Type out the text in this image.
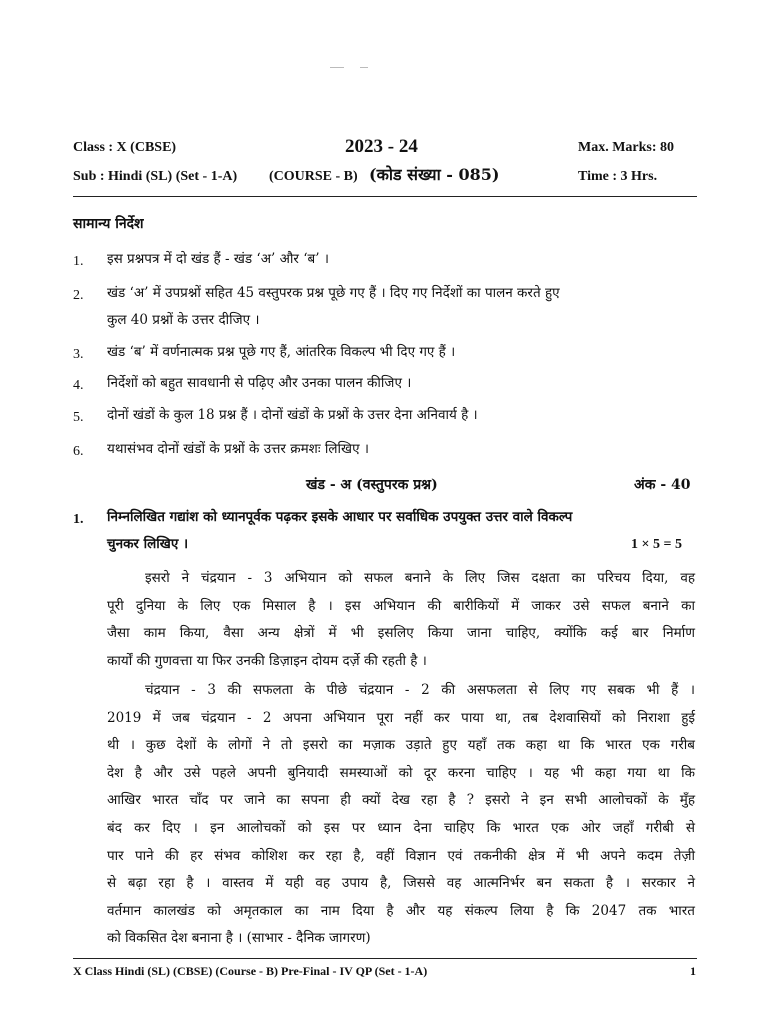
Class : X (CBSE)	2023 - 24	Max. Marks: 80
Sub : Hindi (SL) (Set - 1-A) (COURSE - B) (कोड संख्या - 085)	Time : 3 Hrs.
सामान्य निर्देश
1.	इस प्रश्नपत्र में दो खंड हैं - खंड ‘अ’ और ‘ब’ ।
2.	खंड ‘अ’ में उपप्रश्नों सहित 45 वस्तुपरक प्रश्न पूछे गए हैं । दिए गए निर्देशों का पालन करते हुए
कुल 40 प्रश्नों के उत्तर दीजिए ।
3.	खंड ‘ब’ में वर्णनात्मक प्रश्न पूछे गए हैं, आंतरिक विकल्प भी दिए गए हैं ।
4.	निर्देशों को बहुत सावधानी से पढ़िए और उनका पालन कीजिए ।
5.	दोनों खंडों के कुल 18 प्रश्न हैं । दोनों खंडों के प्रश्नों के उत्तर देना अनिवार्य है ।
6.	यथासंभव दोनों खंडों के प्रश्नों के उत्तर क्रमशः लिखिए ।
खंड - अ (वस्तुपरक प्रश्न)	अंक - 40
1.	निम्नलिखित गद्यांश को ध्यानपूर्वक पढ़कर इसके आधार पर सर्वाधिक उपयुक्त उत्तर वाले विकल्प
चुनकर लिखिए ।	1 × 5 = 5
इसरो ने चंद्रयान - 3 अभियान को सफल बनाने के लिए जिस दक्षता का परिचय दिया, वह
पूरी दुनिया के लिए एक मिसाल है । इस अभियान की बारीकियों में जाकर उसे सफल बनाने का
जैसा काम किया, वैसा अन्य क्षेत्रों में भी इसलिए किया जाना चाहिए, क्योंकि कई बार निर्माण
कार्यों की गुणवत्ता या फिर उनकी डिज़ाइन दोयम दर्ज़े की रहती है ।
चंद्रयान - 3 की सफलता के पीछे चंद्रयान - 2 की असफलता से लिए गए सबक भी हैं ।
2019 में जब चंद्रयान - 2 अपना अभियान पूरा नहीं कर पाया था, तब देशवासियों को निराशा हुई
थी । कुछ देशों के लोगों ने तो इसरो का मज़ाक उड़ाते हुए यहाँ तक कहा था कि भारत एक गरीब
देश है और उसे पहले अपनी बुनियादी समस्याओं को दूर करना चाहिए । यह भी कहा गया था कि
आखिर भारत चाँद पर जाने का सपना ही क्यों देख रहा है ? इसरो ने इन सभी आलोचकों के मुँह
बंद कर दिए । इन आलोचकों को इस पर ध्यान देना चाहिए कि भारत एक ओर जहाँ गरीबी से
पार पाने की हर संभव कोशिश कर रहा है, वहीं विज्ञान एवं तकनीकी क्षेत्र में भी अपने कदम तेज़ी
से बढ़ा रहा है । वास्तव में यही वह उपाय है, जिससे वह आत्मनिर्भर बन सकता है । सरकार ने
वर्तमान कालखंड को अमृतकाल का नाम दिया है और यह संकल्प लिया है कि 2047 तक भारत
को विकसित देश बनाना है । (साभार - दैनिक जागरण)
X Class Hindi (SL) (CBSE) (Course - B) Pre-Final - IV QP (Set - 1-A)	1
